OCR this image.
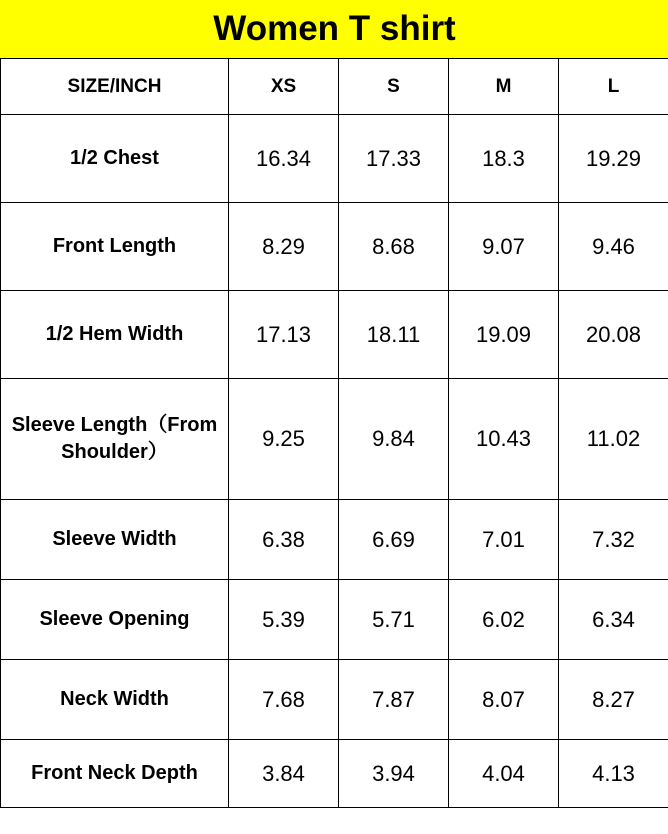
Women T shirt				
SIZE/INCH	XS	S	M	L
1/2 Chest	16.34	17.33	18.3	19.29
Front Length	8.29	8.68	9.07	9.46
1/2 Hem Width	17.13	18.11	19.09	20.08
Sleeve Length（From Shoulder）	9.25	9.84	10.43	11.02
Sleeve Width	6.38	6.69	7.01	7.32
Sleeve Opening	5.39	5.71	6.02	6.34
Neck Width	7.68	7.87	8.07	8.27
Front Neck Depth	3.84	3.94	4.04	4.13
